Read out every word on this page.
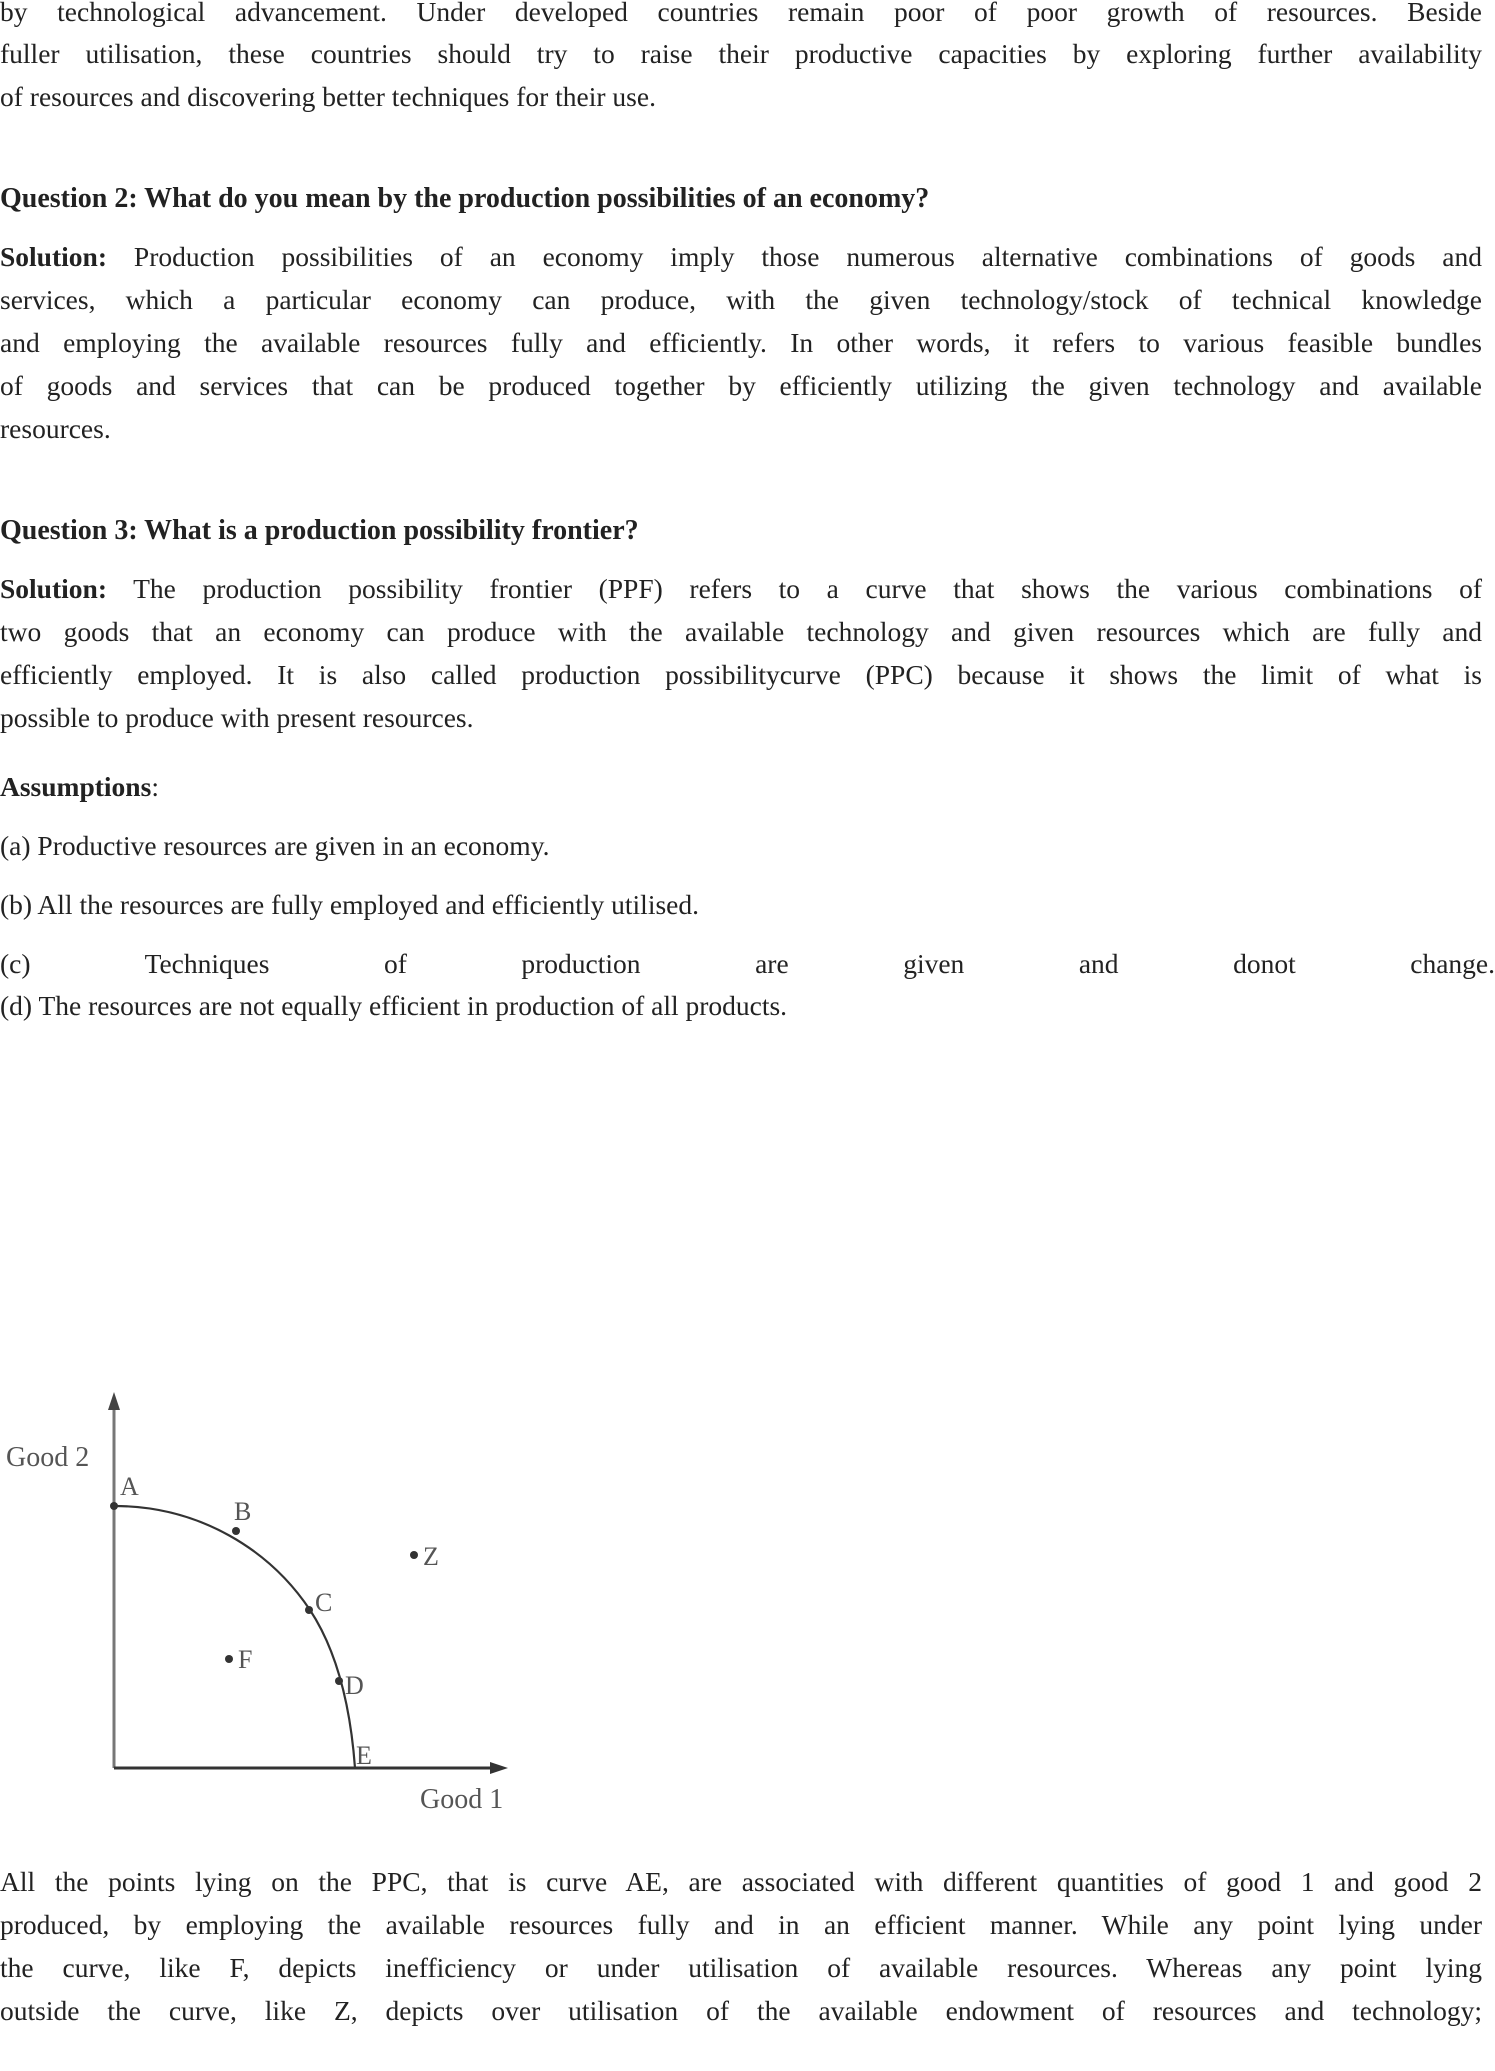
by technological advancement. Under developed countries remain poor of poor growth of resources. Beside
fuller utilisation, these countries should try to raise their productive capacities by exploring further availability
of resources and discovering better techniques for their use.
Question 2: What do you mean by the production possibilities of an economy?
Solution: Production possibilities of an economy imply those numerous alternative combinations of goods and
services, which a particular economy can produce, with the given technology/stock of technical knowledge
and employing the available resources fully and efficiently. In other words, it refers to various feasible bundles
of goods and services that can be produced together by efficiently utilizing the given technology and available
resources.
Question 3: What is a production possibility frontier?
Solution: The production possibility frontier (PPF) refers to a curve that shows the various combinations of
two goods that an economy can produce with the available technology and given resources which are fully and
efficiently employed. It is also called production possibilitycurve (PPC) because it shows the limit of what is
possible to produce with present resources.
Assumptions:
(a) Productive resources are given in an economy.
(b) All the resources are fully employed and efficiently utilised.
(c) Techniques of production are given and donot change.
(d) The resources are not equally efficient in production of all products.
Good 2
Good 1
A
B
C
D
E
F
Z
All the points lying on the PPC, that is curve AE, are associated with different quantities of good 1 and good 2
produced, by employing the available resources fully and in an efficient manner. While any point lying under
the curve, like F, depicts inefficiency or under utilisation of available resources. Whereas any point lying
outside the curve, like Z, depicts over utilisation of the available endowment of resources and technology;
